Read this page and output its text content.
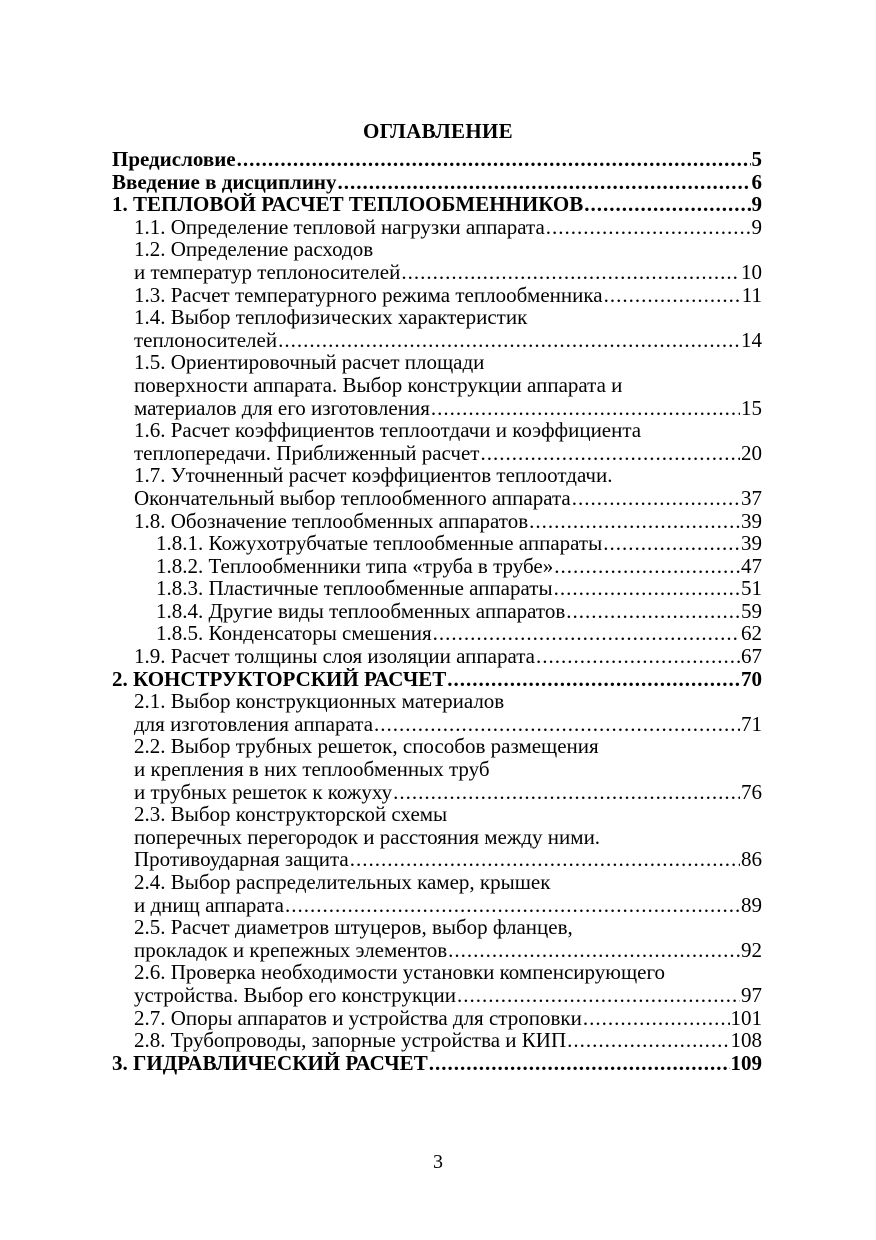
ОГЛАВЛЕНИЕ
Предисловие .....	5
Введение в дисциплину .....	6
1. ТЕПЛОВОЙ РАСЧЕТ ТЕПЛООБМЕННИКОВ .....	9
1.1. Определение тепловой нагрузки аппарата .....	9
1.2. Определение расходов
и температур теплоносителей .....	10
1.3. Расчет температурного режима теплообменника .....	11
1.4. Выбор теплофизических характеристик
теплоносителей .....	14
1.5. Ориентировочный расчет площади
поверхности аппарата. Выбор конструкции аппарата и
материалов для его изготовления .....	15
1.6. Расчет коэффициентов теплоотдачи и коэффициента
теплопередачи. Приближенный расчет .....	20
1.7. Уточненный расчет коэффициентов теплоотдачи.
Окончательный выбор теплообменного аппарата .....	37
1.8. Обозначение теплообменных аппаратов .....	39
1.8.1. Кожухотрубчатые теплообменные аппараты .....	39
1.8.2. Теплообменники типа «труба в трубе» .....	47
1.8.3. Пластичные теплообменные аппараты .....	51
1.8.4. Другие виды теплообменных аппаратов .....	59
1.8.5. Конденсаторы смешения .....	62
1.9. Расчет толщины слоя изоляции аппарата .....	67
2. КОНСТРУКТОРСКИЙ РАСЧЕТ .....	70
2.1. Выбор конструкционных материалов
для изготовления аппарата .....	71
2.2. Выбор трубных решеток, способов размещения
и крепления в них теплообменных труб
и трубных решеток к кожуху .....	76
2.3. Выбор конструкторской схемы
поперечных перегородок и расстояния между ними.
Противоударная защита .....	86
2.4. Выбор распределительных камер, крышек
и днищ аппарата .....	89
2.5. Расчет диаметров штуцеров, выбор фланцев,
прокладок и крепежных элементов .....	92
2.6. Проверка необходимости установки компенсирующего
устройства. Выбор его конструкции .....	97
2.7. Опоры аппаратов и устройства для строповки .....	101
2.8. Трубопроводы, запорные устройства и КИП .....	108
3. ГИДРАВЛИЧЕСКИЙ РАСЧЕТ .....	109
3
